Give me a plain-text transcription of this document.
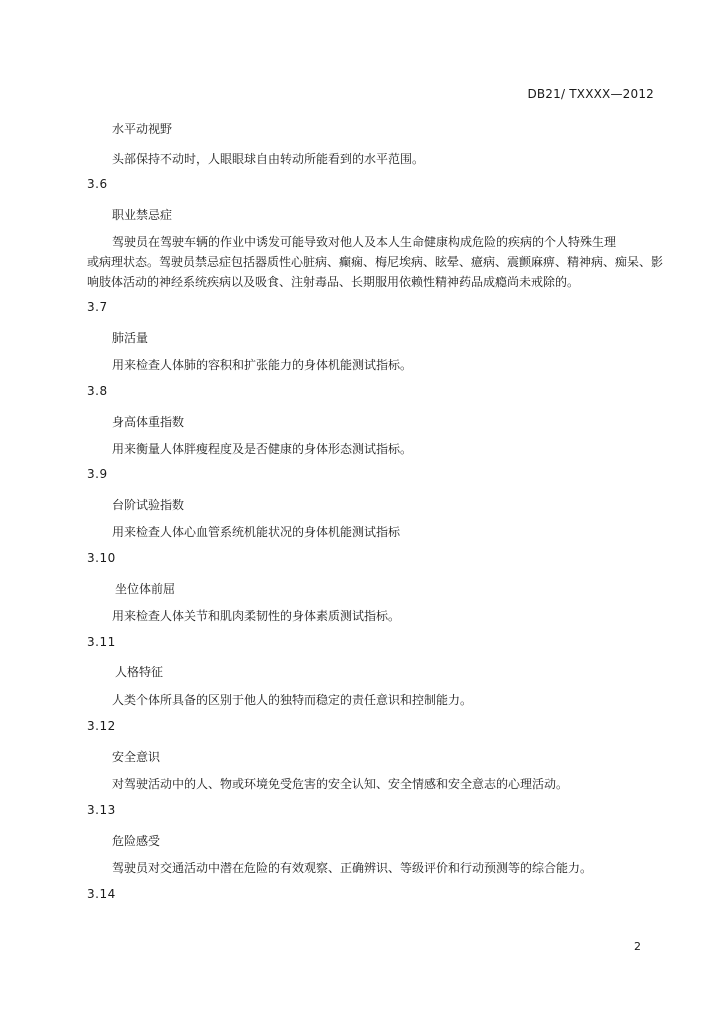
DB21/ TXXXX—2012
水平动视野
头部保持不动时，人眼眼球自由转动所能看到的水平范围。
3.6
职业禁忌症
驾驶员在驾驶车辆的作业中诱发可能导致对他人及本人生命健康构成危险的疾病的个人特殊生理
或病理状态。驾驶员禁忌症包括器质性心脏病、癫痫、梅尼埃病、眩晕、癔病、震颤麻痹、精神病、痴呆、影
响肢体活动的神经系统疾病以及吸食、注射毒品、长期服用依赖性精神药品成瘾尚未戒除的。
3.7
肺活量
用来检查人体肺的容积和扩张能力的身体机能测试指标。
3.8
身高体重指数
用来衡量人体胖瘦程度及是否健康的身体形态测试指标。
3.9
台阶试验指数
用来检查人体心血管系统机能状况的身体机能测试指标
3.10
坐位体前屈
用来检查人体关节和肌肉柔韧性的身体素质测试指标。
3.11
人格特征
人类个体所具备的区别于他人的独特而稳定的责任意识和控制能力。
3.12
安全意识
对驾驶活动中的人、物或环境免受危害的安全认知、安全情感和安全意志的心理活动。
3.13
危险感受
驾驶员对交通活动中潜在危险的有效观察、正确辨识、等级评价和行动预测等的综合能力。
3.14
2
